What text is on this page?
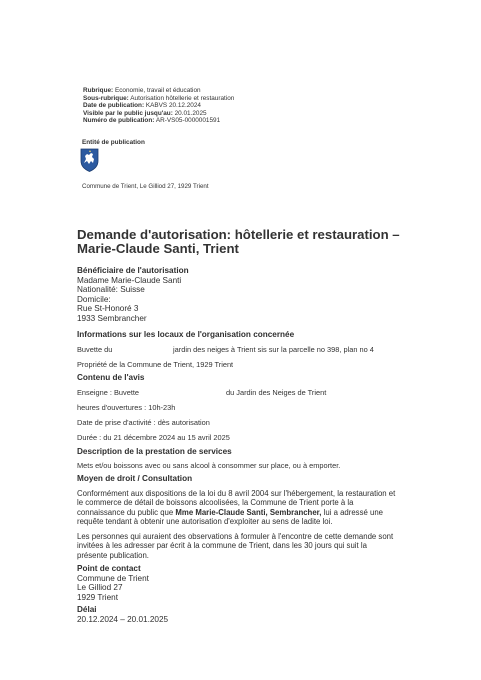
Rubrique: Economie, travail et éducation
Sous-rubrique: Autorisation hôtellerie et restauration
Date de publication: KABVS 20.12.2024
Visible par le public jusqu'au: 20.01.2025
Numéro de publication: AR-VS05-0000001591
Entité de publication
Commune de Trient, Le Gilliod 27, 1929 Trient
Demande d'autorisation: hôtellerie et restauration –
Marie-Claude Santi, Trient
Bénéficiaire de l'autorisation
Madame Marie-Claude Santi
Nationalité: Suisse
Domicile:
Rue St-Honoré 3
1933 Sembrancher
Informations sur les locaux de l'organisation concernée
Buvette du	jardin des neiges à Trient sis sur la parcelle no 398, plan no 4
Propriété de la Commune de Trient, 1929 Trient
Contenu de l'avis
Enseigne : Buvette	du Jardin des Neiges de Trient
heures d'ouvertures : 10h-23h
Date de prise d'activité : dès autorisation
Durée : du 21 décembre 2024 au 15 avril 2025
Description de la prestation de services
Mets et/ou boissons avec ou sans alcool à consommer sur place, ou à emporter.
Moyen de droit / Consultation
Conformément aux dispositions de la loi du 8 avril 2004 sur l'hébergement, la restauration et le commerce de détail de boissons alcoolisées, la Commune de Trient porte à la connaissance du public que Mme Marie-Claude Santi, Sembrancher, lui a adressé une requête tendant à obtenir une autorisation d'exploiter au sens de ladite loi.
Les personnes qui auraient des observations à formuler à l'encontre de cette demande sont invitées à les adresser par écrit à la commune de Trient, dans les 30 jours qui suit la présente publication.
Point de contact
Commune de Trient
Le Gilliod 27
1929 Trient
Délai
20.12.2024 – 20.01.2025
